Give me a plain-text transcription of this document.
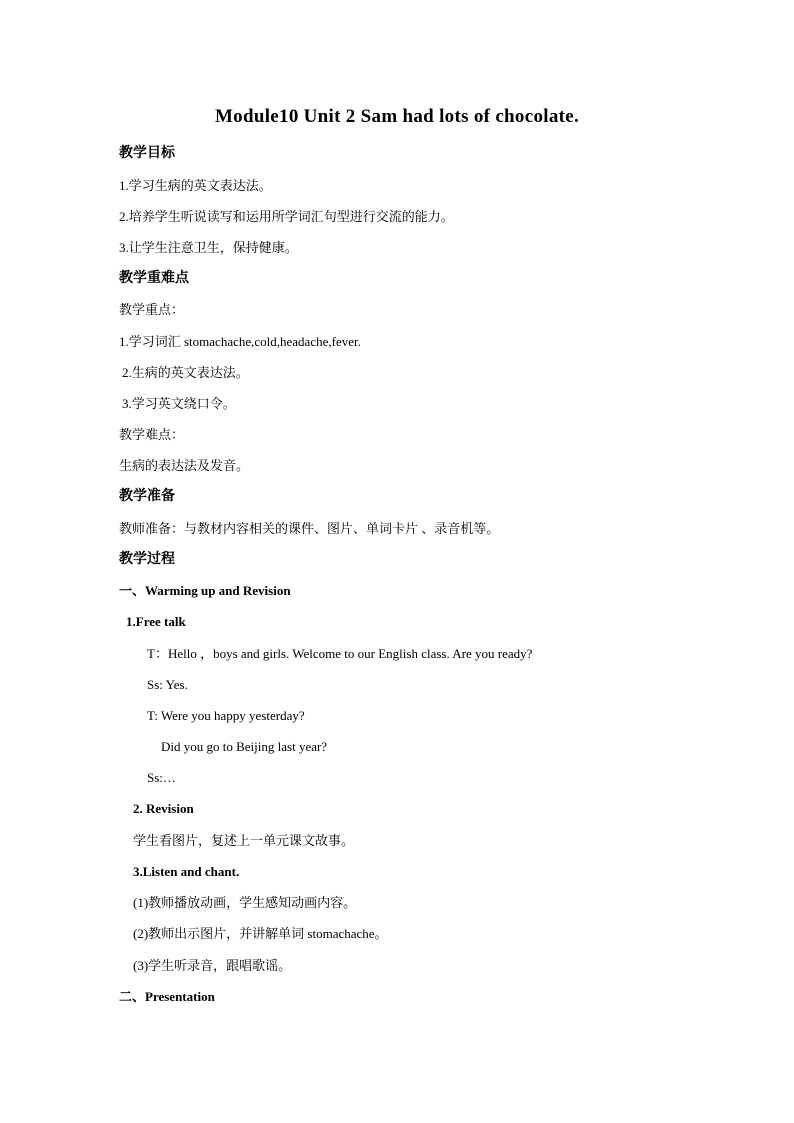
Module10 Unit 2 Sam had lots of chocolate.
教学目标
1.学习生病的英文表达法。
2.培养学生听说读写和运用所学词汇句型进行交流的能力。
3.让学生注意卫生，保持健康。
教学重难点
教学重点：
1.学习词汇 stomachache,cold,headache,fever.
2.生病的英文表达法。
3.学习英文绕口令。
教学难点：
生病的表达法及发音。
教学准备
教师准备：与教材内容相关的课件、图片、单词卡片 、录音机等。
教学过程
一、Warming up and Revision
1.Free talk
T：Hello ，boys and girls. Welcome to our English class. Are you ready?
Ss: Yes.
T: Were you happy yesterday?
Did you go to Beijing last year?
Ss:…
2. Revision
学生看图片，复述上一单元课文故事。
3.Listen and chant.
(1)教师播放动画，学生感知动画内容。
(2)教师出示图片，并讲解单词 stomachache。
(3)学生听录音，跟唱歌谣。
二、Presentation
